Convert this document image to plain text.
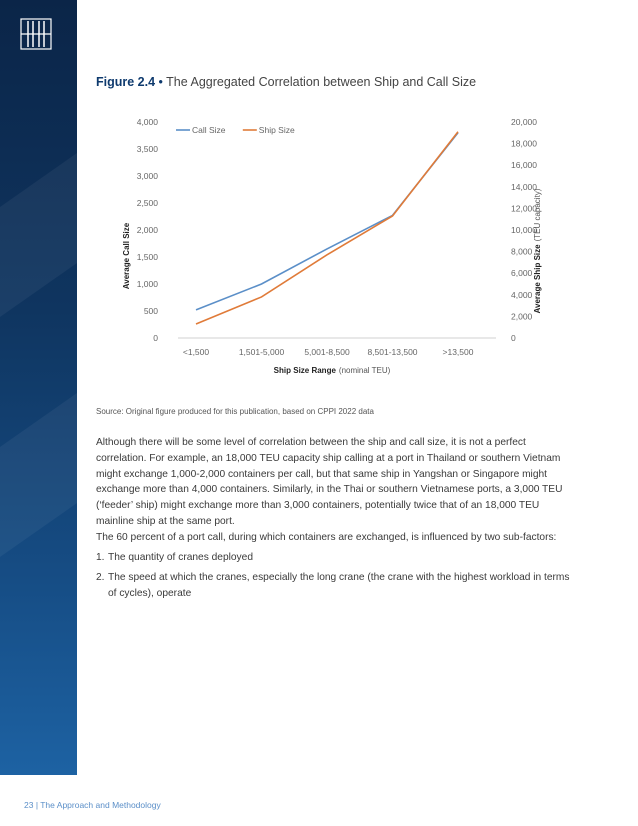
Figure 2.4 • The Aggregated Correlation between Ship and Call Size
0
500
1,000
1,500
2,000
2,500
3,000
3,500
4,000
0
2,000
4,000
6,000
8,000
10,000
12,000
14,000
16,000
18,000
20,000
<1,500	1,501-5,000 5,001-8,500 8,501-13,500	>13,500
Call Size	Ship Size
Average Call Size	Average Ship Size(TEU capacity)
Ship Size Range (nominal TEU)
Source: Original figure produced for this publication, based on CPPI 2022 data

Although there will be some level of correlation between the ship and call size, it is not a perfect correlation. For example, an 18,000 TEU capacity ship calling at a port in Thailand or southern Vietnam might exchange 1,000-2,000 containers per call, but that same ship in Yangshan or Singapore might exchange more than 4,000 containers. Similarly, in the Thai or southern Vietnamese ports, a 3,000 TEU (‘feeder’ ship) might exchange more than 3,000 containers, potentially twice that of an 18,000 TEU mainline ship at the same port.

The 60 percent of a port call, during which containers are exchanged, is influenced by two sub-factors:

1. The quantity of cranes deployed
2. The speed at which the cranes, especially the long crane (the crane with the highest workload in terms of cycles), operate
23 | The Approach and Methodology
